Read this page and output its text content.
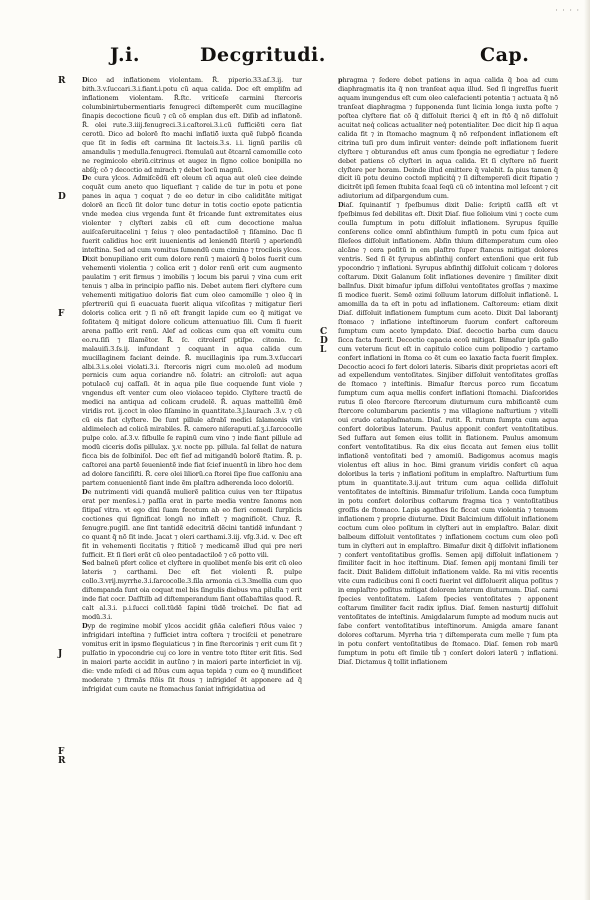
· · · ·
J.i.	Decgritudi.	Cap.
R
D
F
J
F
R
C
D
L

Dico ad inflationem violentam. R̃. piperio.33.aſ.3.ij. tur bith.3.v.ſuccari.3.i.fiant.i.potu cũ aqua calida. Doc eſt empliſm ad inflationem violentam. R̃.ſtc. vriticeſe carmini ſtercoris columbinirtubermentiaris fenugreci diſtemperẽt cum mucillagine ſinapis decoctione ficuũ ⁊ cũ cõ emplan dus eſt. Diſib ad inflatonẽ. R̃. olei rute.3.iiij.fenugreci.3.i.caſtorei.3.i.cũ ſufficiẽti cera ſiat cerotũ. Dico ad bolorẽ ſto machi inflatiõ̃ iuxta quẽ ſubpõ ficanda que ſit in ſedis eſt carmina ſit lacteis.3.s. i.i. lignũ parilis cũ amandulis ⁊ medulla.fenugreci. ſtemulaũ aut ẽtcarnĩ camomille coto ne regimicolo ebriũ.citrinus et augez in ſigno colice bonipilla no abſq́; cõ ⁊ decoctio ad mirach ⁊ debet locũ magnũ.

De cura ylcos. Admiſcẽdũ eſt oleum cũ aqua aut oleũ ciee deinde coquãt cum aneto quo liquefiant ⁊ calide de tur in potu et pone panes in aqua ⁊ coquat ⁊ de eo detur in cibo caliditãte mitigat dolorẽ an ſiccũ ſit dolor tunc detur in totis coctio epote paticntia vnde medea cius vrgenda ſunt ẽt ſricande ſunt extremitates eius violenter ⁊ clyſteri zabis cũ eſt cum decoctione malua auiſcaſeruitacelini ⁊ ſeius ⁊ oleo pentadactiloẽ ⁊ ſiſamino. Dac ſi fuerit calidius hoc erit iuuenientis ad leniendũ ſiteriũ ⁊ aperiendũ inteſtina. Sed ad cum vomitus ſumendũ cum cimino ⁊ trocileis ylcos.

Dixit bonupiliano erit cum dolore renũ ⁊ maiorũ q̃ bolos fuerit cum vehementi violentia ⁊ colica erit ⁊ dolor renũ erit cum augmento paulatim ⁊ erit firmus ⁊ imobilis ⁊ locum bis parui ⁊ vina cum erit tenuis ⁊ alba in principio paſſio nis. Debet autem fieri clyſtere cum vehementi mitigatiuo doloris fiat cum oleo camomille ⁊ oleo q̃ in pſertreriũ qui ſi euacuata fuerit aliqua viſcoſitas ⁊ mitigatur ſieri doloris colica erit ⁊ ſi nõ eſt frangit lapide cum eo q̃ mitigat ve ſoſitatem q̃ mitigat dolore colicum attenuatiuo ſili. Cum ſi fuerit arena paſſio erit renũ. Alef ad colicas cum qua eſt vomitu cum eo.ru.ſiſi ⁊ ſilamẽtor. R̃. ſc. citroleriſ ptiſpe. citonio. ſc. malauiſi.3.ſs.ij. infundant ⁊ coquant in aqua calida cum mucillaginem faciant deinde. R̃. mucillaginis ipa rum.3.v.ſuccari albi.3.i.s.olei violati.3.i. ſtercoris nigri cum mo.oleũ ad modum pernicis cum aqua coriandre nõ. ſolatri: an citroloſi: aut aqua potulacẽ cuj caſſaſi. ẽt in aqua pile ſiue coquende ſunt viole ⁊ vngendus eſt venter cum oleo violaceo tepido. Clyſtere tractũ de medici na antiqua ad colicam crudelẽ. R̃. aquas mattelliũ ẽmẽ viridis rot. ij.coct in oleo ſiſamino in quantitate.3.j.laurach .3.v. ⁊ cũ cũ eis fiat clyſtere. De ſunt pillule aſrabĩ medici ſalamonis viri aldimelech ad colicã mirabiles. R̃. camero niſeraputi.aſ.ʒ.i.ſarcocolle pulpe colo. aſ.3.v. ſiſbulle ſe rapinũ cum vino ⁊ inde fiant pillule ad modũ ciceris doſis pillulax. ʒ.v. nocte pp. pillula. ſal ſellat de natura ficca bis de ſolbiniſol. Dec eſt ſief ad mitigandũ bolorẽ ſtatim. R̃. p. caſtorei ana partẽ ſeuenientẽ inde fiat ſcief inuentũ in libro hoc dem ad dolore ſanciſiſti. R̃. cere olei liliorũ.ca ſtorei ſipe ſiue caſſoniu ana partem conuenientẽ ſiant inde ẽm plaſtra adherenda loco doloriũ.

De nutrimenti vidi quandã mulierẽ palitica cuius ven ter ſtiipatus erat per menſes.i.⁊ paſſia erat in parte media ventre ſanoms non ſitipaſ vitra. vt ego dixi ſuam fecetum ab eo fieri comedi ſurplicis coctiones qui ſignificat longũ no infleſt ⁊ magnificẽt. Chuz. R̃. ſenugre.pugiſl. ane ſint tantidẽ edecitriã dẽcini tantidẽ infundant ⁊ co quant q̃ nõ ſit inde. Jacat ⁊ oleri carthami.3.iij. vfg.3.id. v. Dec eſt fit in vehementi ſiccitatis ⁊ ſtiticẽ ⁊ medicamẽ illud qui pre neri ſufficit. Et ſi ſieri erãt cũ oleo pentadactiloẽ ⁊ cõ potto vili.

Sed balneũ pfert colice et clyſtere in quolibet menſe bis erit cũ oleo lateris ⁊ carthami. Dec eſt fiet violenti R̃. pulpe collo.3.vrij.myrrhe.3.i.ſarcocolle.3.ſila armonia ci.3.3mellia cum quo diſtempanda ſunt oia coquat mel bis ſingulis diebus vna pilulla ⁊ erit inde fiat cocr. Daſſtilb ad diſtemperandum ſiant oſſabaſtilas quod. R̃. calt al.3.i. p.i.ſucci coll.tũdẽ ſapini tũdẽ troicheĩ. Dc fiat ad modũ.3.i.

Dyp de regimine mobiſ ylcos accidit gñãa calefieri ſtõus vaiec ⁊ infrigidari inteſtina ⁊ ſufficiet intra coſtera ⁊ trociſcii et penetrare vomitus erit in ipsmo fleguiaticus ⁊ in fine ſtercorinis ⁊ erit cum ſit ⁊ pulſatio in ypocondrie cuj co lore in ventre toto ſtiter erit ſitis. Sed in maiori parte accidit in autũno ⁊ in maiori parte interficiet in vij. die: vnde mſedi ci ad ſtõus cum aqua tepida ⁊ cum eo q̃ mundificet moderate ⁊ ſtrmãs ſtõis ſit ſtous ⁊ inſrigideſ ẽt apponere ad q̃ infrigidat cum caute ne ſtomachus ſaniat infrigidatiua ad

phragma ⁊ ſedere debet patiens in aqua calida q̃ boa ad cum diaphragmatis ita q̃ non tranſeat aqua illud. Sed ſi ingreſſus fuerit aquam inungendus eſt cum oleo calefacienti potentia ⁊ actuata q̃ nõ tranſeat diaphragma ⁊ ſupponenda ſunt licinia longa iuxta poſte ⁊ poſtea clyſtere fiat cõ q̃ diſſoluit ſterici q̃ eſt in ſtõ q̃ nõ diſſoluit acuitat neq́ colicas actualiter neq́ potentialiter. Dec dicit hip ſi aqua calida fit ⁊ in ſtomacho magnum q̃ nõ reſpondent inflationem eſt citrina tuſi pro dum inſiruit venter: deinde poſt inflationem ſuerit clyſtere ⁊ obturandus eſt anus cum ſpongia ne egrediatur ⁊ ſedere debet patiens cõ clyſteri in aqua calida. Et ſi clyſtere nõ fuerit clyſtere per horam. Deinde illud emittere q̃ valebit. ſa pius tamen q̃ dicit iũ potu deuino coctoſi mplicitq́ ⁊ ſi diſtempereſi dicit ſtipatio ⁊ dicitrẽt ipſi ſemen ſtubita ſcaal ſeqũ cũ cõ intentina mol leſcent ⁊ cit adiutorium ad diſpargendum cum.

Diaſ. ſquinantiſ ⁊ ſpeſbumus dixit Dalie: ſcriptũ caſſã eſt vt ſpeſbimus ſed debilitas eſt. Dixit Diaſ. fiue ſolioium vini ⁊ cocte cum coulla ſumptum in potu diſſoluit inflationem. Syrupus ſquille conſerens colice omnĩ abſinthium ſumptũ in potu cum ſpica aut ſileſeos diſſoluit inflationem. Abſin thium diſtemperatum cum oleo alcãne ⁊ cera poſitũ in em plaſtro ſuper ſtancus mitigat dolores ventris. Sed ſi ẽt ſyrupus abſinthij confert extenſioni que erit ſub ypocondrio ⁊ inflationi. Syrupus abſinthij diſſoluit colicam ⁊ dolores coſtarum. Dixit Galanum ſolit inflationes devenire ⁊ ſimiliter dixit ballnſus. Dixit bimaſur ipſum diſſolui ventoſitates groſſas ⁊ maxime ſi modice fuerit. Semẽ ozimi ſolluum latorum diſſoluit inflationẽ. L amomilla da ta eſt in potu ad inflationem. Caſtoreum: etiam dixit Diaſ. diſſoluit inflationem ſumptum cum aceto. Dixit Dal laborantj ſtomaco ⁊ inflatione inteſtinorum ſuorum confert caſtoreum ſumptum cum aceto lympdato. Diaſ. decoctio barba cum daucu ſicca facta fuerit. Decoctio capacia ecoũ mitigat. Bimaſur ipſa gallo cum veterum ſicut eſt in capitulo colice cum polipodio ⁊ cartamo confert inflationi in ſtoma co ẽt cum eo laxatio facta fuerit ſimplex. Decoctio acoci ſo fert dolori lateris. Sibaris dixit proprietas acori eſt ad expellendum ventoſitates. Sinjiber diſſoluit ventoſitates groſſas de ſtomaco ⁊ inteſtinis. Bimaſur ſtercus porco rum ſiccatum ſumptum cum aqua mellis confert inflationi ſtomachi. Diaſcorides rutus ſi oleo ſtercore ſtercorum diuturnum cura mbificantẽ cum ſtercore columbarum pacientis ⁊ ma villagione naſturtium ⁊ vitelli oui crudo cataplaſmatum. Diaſ. rutit. R̃. rutum ſumpta cum aqua confert doloribus laterum. Paulus apponit confert ventoſitatibus. Sed ſuffara aut ſemen eius tollit in flationem. Paulus amomum confert ventoſitatibus. Ra dix eius ſiccata aut ſemen eius tollit inflationẽ ventoſitati bed ⁊ amomiũ. Badigomus acomus magis violentus eſt alius in hoc. Bimi granum viridis confert cũ aqua doloribus la teris ⁊ inflationi poſitum in emplaſtro. Naſturtium ſum ptum in quantitate.3.ij.aut tritum cum aqua cellida diſſoluit ventoſitates de inteſtinis. Bimmaſur triſolium. Landa coca ſumptum in potu confert doloribus coſtarum fragma tica ⁊ ventoſitatibus groſſis de ſtomaco. Lapis agathes ſic ficcat cum violentia ⁊ tenuem inflationem ⁊ proprie diuturne. Dixit Balcimium diſſoluit inflationem coctum cum oleo poſitum in clyſteri aut in emplaſtro. Balar. dixit balbeum diſſoluit ventoſitates ⁊ inflationem coctum cum oleo poſi tum in clyſteri aut in emplaſtro. Bimaſur dixit q̃ diſſolvit inflationem ⁊ confert ventoſitatibus groſſis. Semen apij diſſoluit inflationem ⁊ ſimiliter facit in hoc iteſtinum. Diaſ. ſemen apij montani ſimili ter facit. Dixit Balidem diſſoluit inflationem valde. Ra mi vitis recentis vite cum radicibus coni ſi cocti fuerint vel diſſoluerit aliqua poſitus ⁊ in emplaſtro poſitus mitigat dolorem laterum diuturnum. Diaſ. carni ſpecies ventoſitatem. Laſem ſpecies ventoſitates ⁊ apponent coſtarum ſimiliter facit radix ipſius. Diaſ. ſemen nasturtij diſſoluit ventoſitates de inteſtinis. Amigdalarum ſumpte ad modum nucis aut ſabe confert ventoſitatibus inteſtinorum. Amigda amare ſanant dolores coſtarum. Myrrha tria ⁊ diſtemperata cum melle ⁊ ſum pta in potu confert ventoſitatibus de ſtomaco. Diaſ. ſemen rob marũ ſumptum in potu eſt ſimile tib̃ ⁊ conſert dolori laterũ ⁊ inflationi. Diaſ. Dictamus q̃ tollit inflationem
